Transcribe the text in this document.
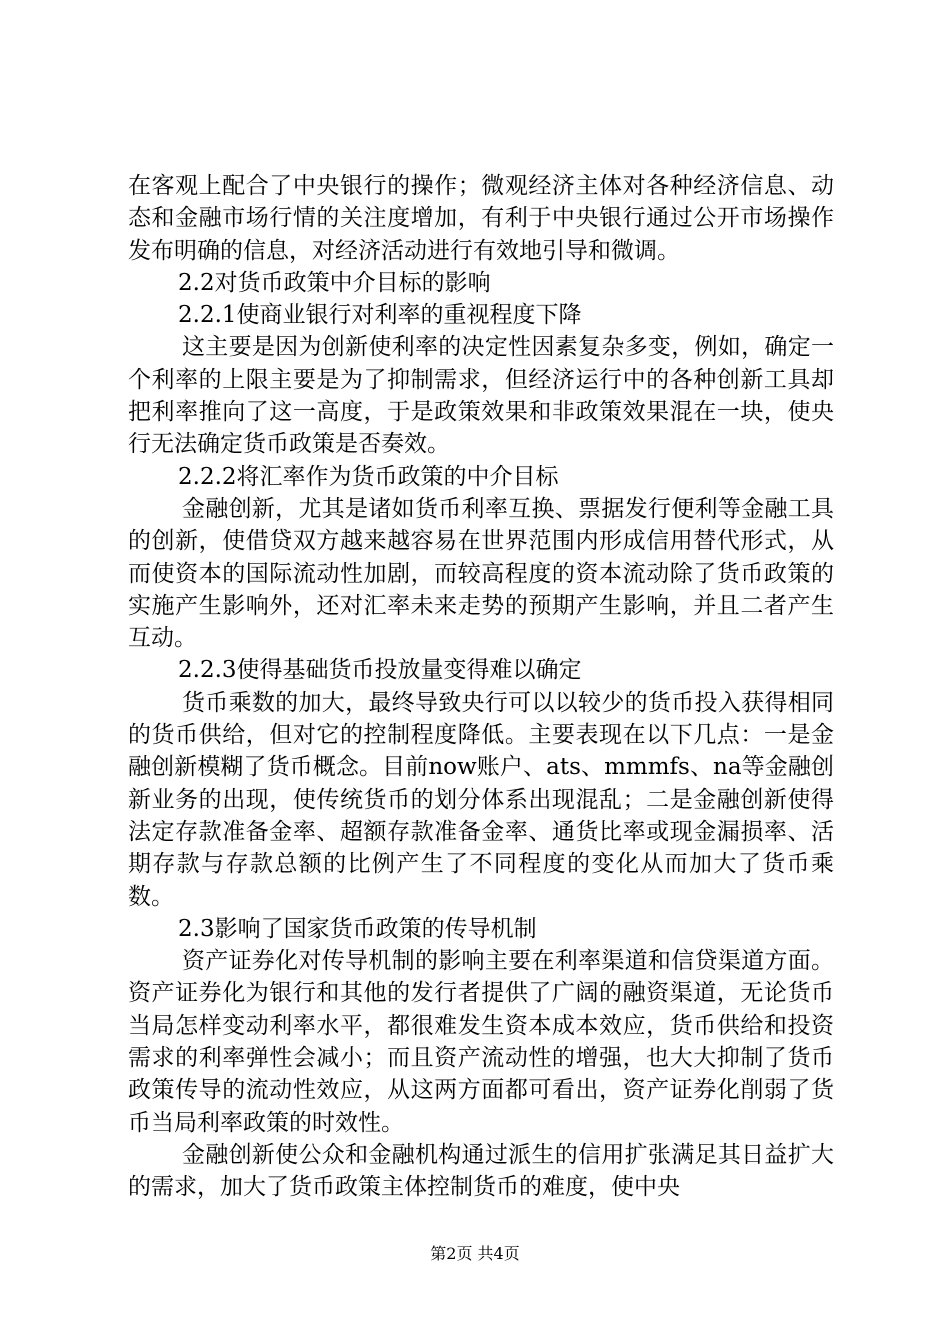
在客观上配合了中央银行的操作；微观经济主体对各种经济信息、动态和金融市场行情的关注度增加，有利于中央银行通过公开市场操作发布明确的信息，对经济活动进行有效地引导和微调。

2.2对货币政策中介目标的影响

2.2.1使商业银行对利率的重视程度下降

这主要是因为创新使利率的决定性因素复杂多变，例如，确定一个利率的上限主要是为了抑制需求，但经济运行中的各种创新工具却把利率推向了这一高度，于是政策效果和非政策效果混在一块，使央行无法确定货币政策是否奏效。

2.2.2将汇率作为货币政策的中介目标

金融创新，尤其是诸如货币利率互换、票据发行便利等金融工具的创新，使借贷双方越来越容易在世界范围内形成信用替代形式，从而使资本的国际流动性加剧，而较高程度的资本流动除了货币政策的实施产生影响外，还对汇率未来走势的预期产生影响，并且二者产生互动。

2.2.3使得基础货币投放量变得难以确定

货币乘数的加大，最终导致央行可以以较少的货币投入获得相同的货币供给，但对它的控制程度降低。主要表现在以下几点：一是金融创新模糊了货币概念。目前now账户、ats、mmmfs、na等金融创新业务的出现，使传统货币的划分体系出现混乱；二是金融创新使得法定存款准备金率、超额存款准备金率、通货比率或现金漏损率、活期存款与存款总额的比例产生了不同程度的变化从而加大了货币乘数。

2.3影响了国家货币政策的传导机制

资产证券化对传导机制的影响主要在利率渠道和信贷渠道方面。资产证券化为银行和其他的发行者提供了广阔的融资渠道，无论货币当局怎样变动利率水平，都很难发生资本成本效应，货币供给和投资需求的利率弹性会减小；而且资产流动性的增强，也大大抑制了货币政策传导的流动性效应，从这两方面都可看出，资产证券化削弱了货币当局利率政策的时效性。

金融创新使公众和金融机构通过派生的信用扩张满足其日益扩大的需求，加大了货币政策主体控制货币的难度，使中央

第2页 共4页
